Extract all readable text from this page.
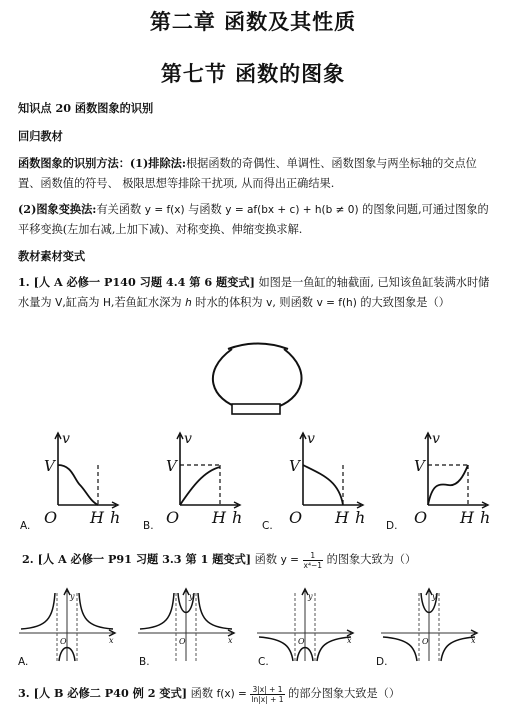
第二章 函数及其性质
第七节 函数的图象
知识点 20 函数图象的识别
回归教材
函数图象的识别方法：(1)排除法:根据函数的奇偶性、单调性、函数图象与两坐标轴的交点位置、函数值的符号、 极限思想等排除干扰项, 从而得出正确结果.
(2)图象变换法:有关函数 y = f(x) 与函数 y = af(bx + c) + h(b ≠ 0) 的图象问题,可通过图象的平移变换(左加右减,上加下减)、对称变换、伸缩变换求解.
教材素材变式
1. [人 A 必修一 P140 习题 4.4 第 6 题变式] 如图是一鱼缸的轴截面, 已知该鱼缸装满水时储水量为 V,缸高为 H,若鱼缸水深为 h 时水的体积为 v, 则函数 v = f(h) 的大致图象是（）
v
V
O H h
v
V
O H h
v
V
O H h
v
V
O H h
A.	B.	C.	D.
2. [人 A 必修一 P91 习题 3.3 第 1 题变式] 函数 $y = \frac{1}{\text{x⁴−1}}$ 的图象大致为（）
y
O	x
y
O	x
y
O	x
y
O	x
A.	B.	C.	D.
3. [人 B 必修二 P40 例 2 变式] 函数 $f(x) = \frac{3|x| + 1}{\ln|x| + 1}$ 的部分图象大致是（）
